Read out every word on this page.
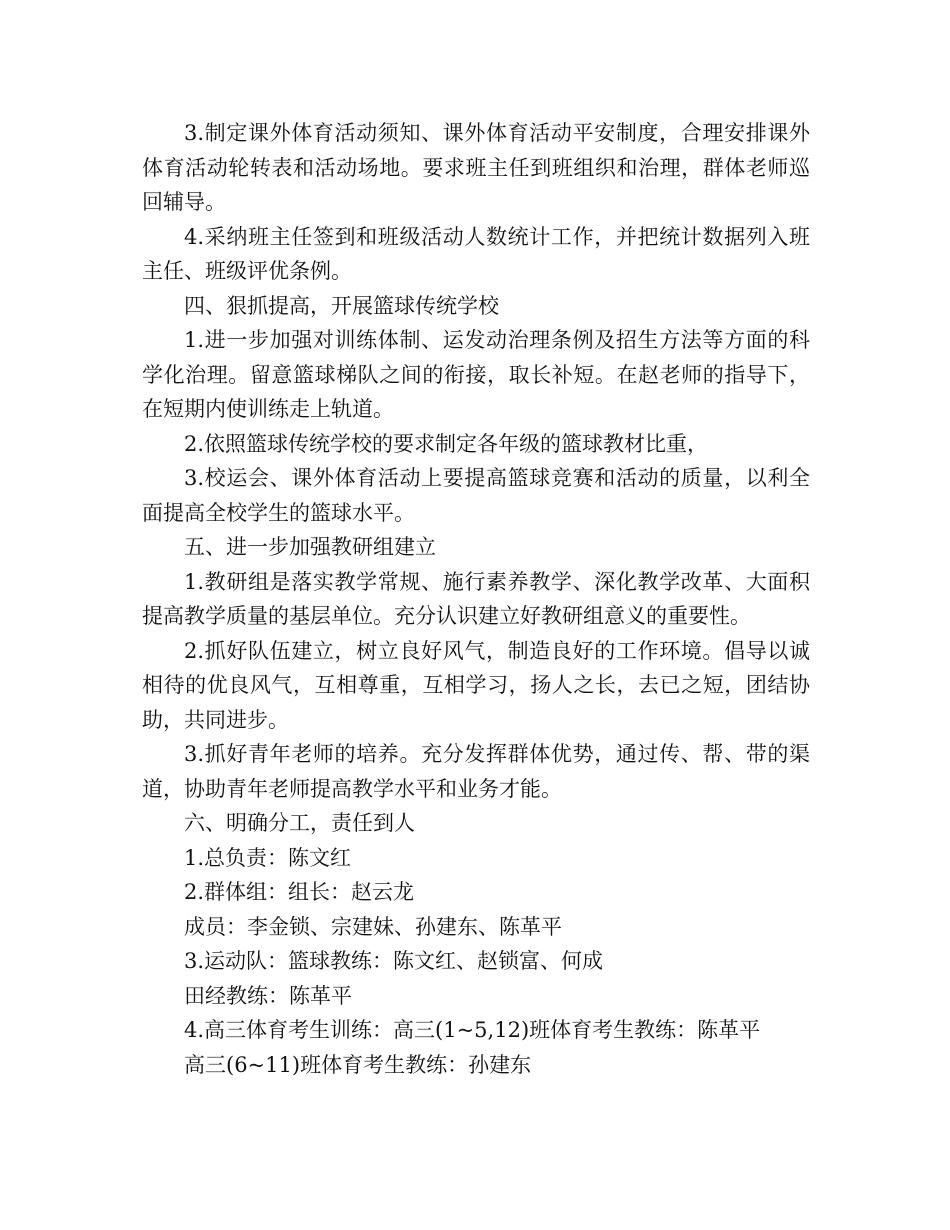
3.制定课外体育活动须知、课外体育活动平安制度，合理安排课外体育活动轮转表和活动场地。要求班主任到班组织和治理，群体老师巡回辅导。

4.采纳班主任签到和班级活动人数统计工作，并把统计数据列入班主任、班级评优条例。

四、狠抓提高，开展篮球传统学校

1.进一步加强对训练体制、运发动治理条例及招生方法等方面的科学化治理。留意篮球梯队之间的衔接，取长补短。在赵老师的指导下，在短期内使训练走上轨道。

2.依照篮球传统学校的要求制定各年级的篮球教材比重，

3.校运会、课外体育活动上要提高篮球竞赛和活动的质量，以利全面提高全校学生的篮球水平。

五、进一步加强教研组建立

1.教研组是落实教学常规、施行素养教学、深化教学改革、大面积提高教学质量的基层单位。充分认识建立好教研组意义的重要性。

2.抓好队伍建立，树立良好风气，制造良好的工作环境。倡导以诚相待的优良风气，互相尊重，互相学习，扬人之长，去已之短，团结协助，共同进步。

3.抓好青年老师的培养。充分发挥群体优势，通过传、帮、带的渠道，协助青年老师提高教学水平和业务才能。

六、明确分工，责任到人

1.总负责：陈文红

2.群体组：组长：赵云龙

成员：李金锁、宗建妹、孙建东、陈革平

3.运动队：篮球教练：陈文红、赵锁富、何成

田经教练：陈革平

4.高三体育考生训练：高三(1~5,12)班体育考生教练：陈革平

高三(6~11)班体育考生教练：孙建东
